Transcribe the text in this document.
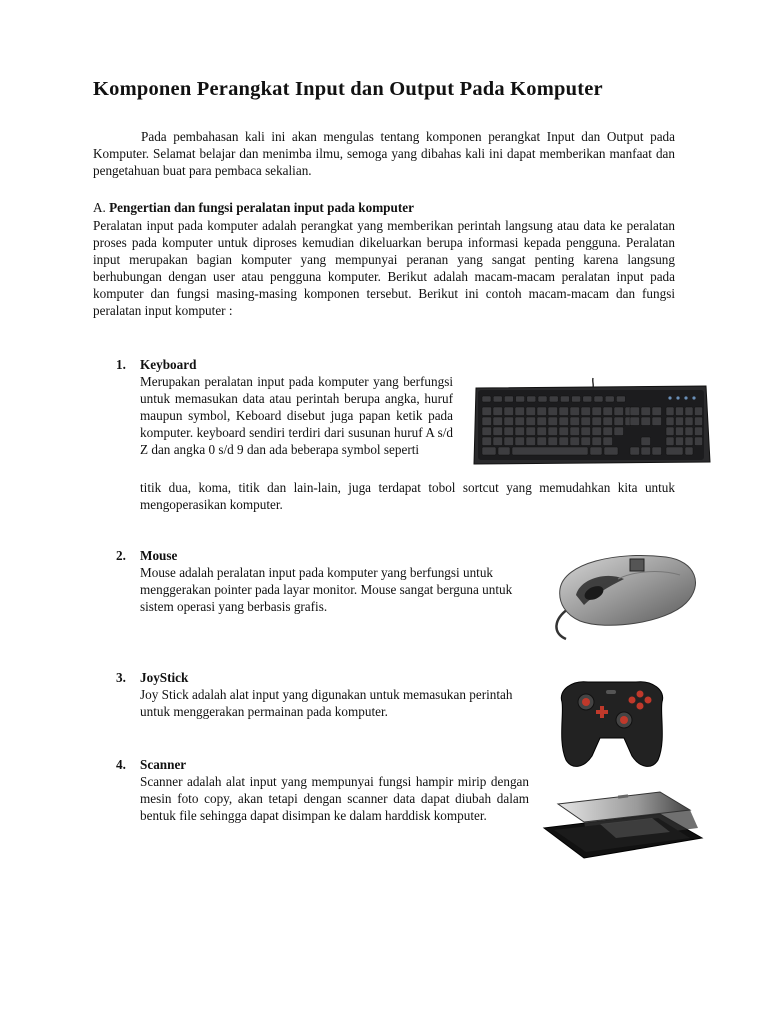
Komponen Perangkat Input dan Output Pada Komputer

Pada pembahasan kali ini akan mengulas tentang komponen perangkat Input dan Output pada Komputer. Selamat belajar dan menimba ilmu, semoga yang dibahas kali ini dapat memberikan manfaat dan pengetahuan buat para pembaca sekalian.

A. Pengertian dan fungsi peralatan input pada komputer

Peralatan input pada komputer adalah perangkat yang memberikan perintah langsung atau data ke peralatan proses pada komputer untuk diproses kemudian dikeluarkan berupa informasi kepada pengguna. Peralatan input merupakan bagian komputer yang mempunyai peranan yang sangat penting karena langsung berhubungan dengan user atau pengguna komputer. Berikut adalah macam-macam peralatan input pada komputer dan fungsi masing-masing komponen tersebut. Berikut ini contoh macam-macam dan fungsi peralatan input komputer :

1. Keyboard

Merupakan peralatan input pada komputer yang berfungsi untuk memasukan data atau perintah berupa angka, huruf maupun symbol, Keboard disebut juga papan ketik pada komputer. keyboard sendiri terdiri dari susunan huruf A s/d Z dan angka 0 s/d 9 dan ada beberapa symbol seperti

titik dua, koma, titik dan lain-lain, juga terdapat tobol sortcut yang memudahkan kita untuk mengoperasikan komputer.

2. Mouse

Mouse adalah peralatan input pada komputer yang berfungsi untuk menggerakan pointer pada layar monitor. Mouse sangat berguna untuk sistem operasi yang berbasis grafis.

3. JoyStick

Joy Stick adalah alat input yang digunakan untuk memasukan perintah untuk menggerakan permainan pada komputer.

4. Scanner

Scanner adalah alat input yang mempunyai fungsi hampir mirip dengan mesin foto copy, akan tetapi dengan scanner data dapat diubah dalam bentuk file sehingga dapat disimpan ke dalam harddisk komputer.
